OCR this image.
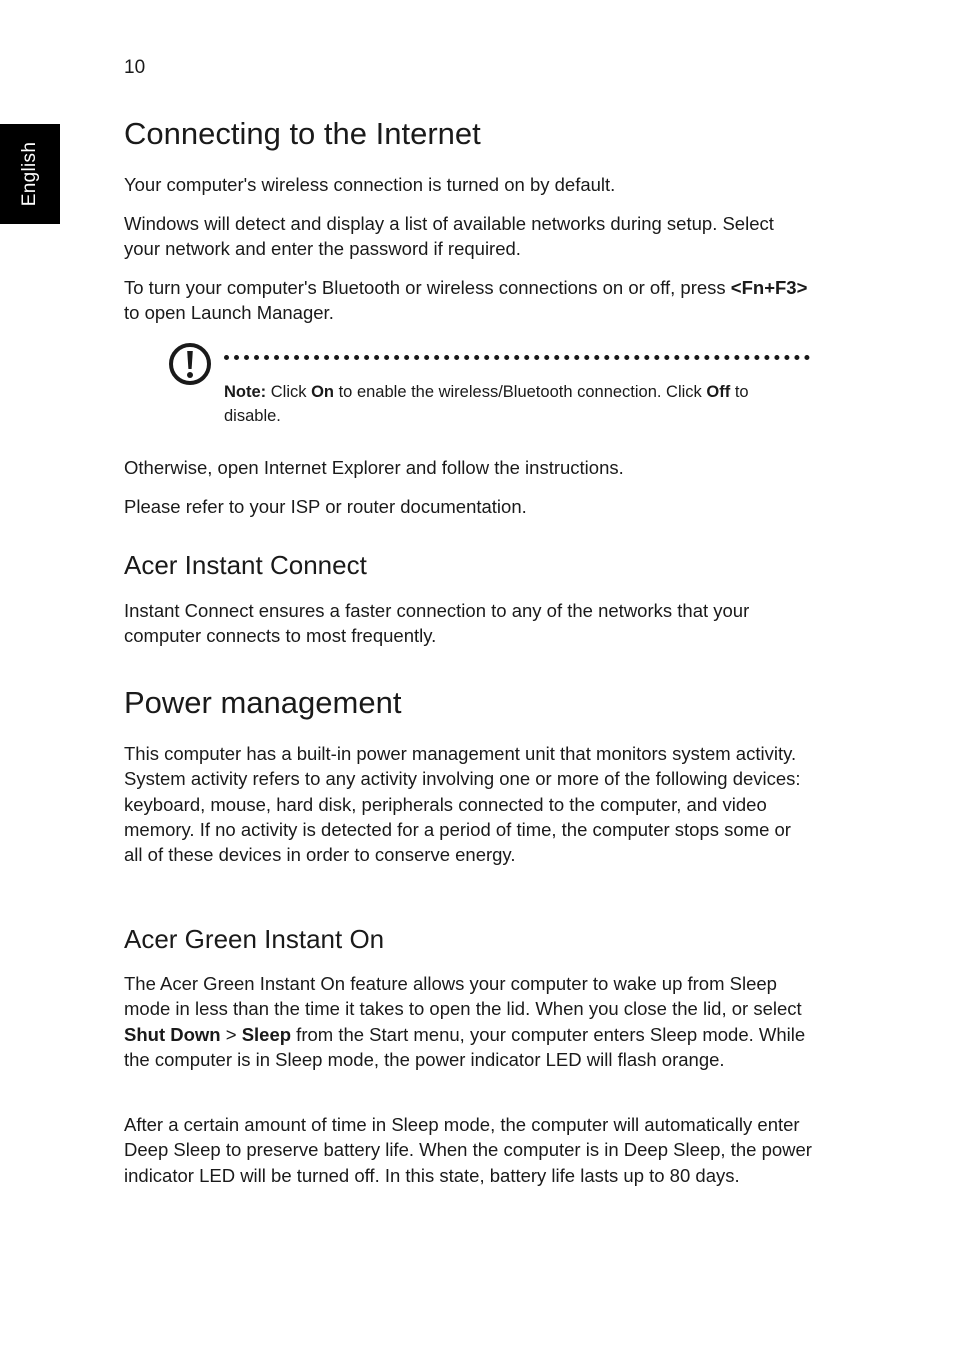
10
English
Connecting to the Internet

Your computer's wireless connection is turned on by default.

Windows will detect and display a list of available networks during setup. Select your network and enter the password if required.

To turn your computer's Bluetooth or wireless connections on or off, press <Fn+F3> to open Launch Manager.

Note: Click On to enable the wireless/Bluetooth connection. Click Off to disable.

Otherwise, open Internet Explorer and follow the instructions.

Please refer to your ISP or router documentation.

Acer Instant Connect

Instant Connect ensures a faster connection to any of the networks that your computer connects to most frequently.

Power management

This computer has a built-in power management unit that monitors system activity. System activity refers to any activity involving one or more of the following devices: keyboard, mouse, hard disk, peripherals connected to the computer, and video memory. If no activity is detected for a period of time, the computer stops some or all of these devices in order to conserve energy.

Acer Green Instant On

The Acer Green Instant On feature allows your computer to wake up from Sleep mode in less than the time it takes to open the lid. When you close the lid, or select Shut Down > Sleep from the Start menu, your computer enters Sleep mode. While the computer is in Sleep mode, the power indicator LED will flash orange.

After a certain amount of time in Sleep mode, the computer will automatically enter Deep Sleep to preserve battery life. When the computer is in Deep Sleep, the power indicator LED will be turned off. In this state, battery life lasts up to 80 days.
